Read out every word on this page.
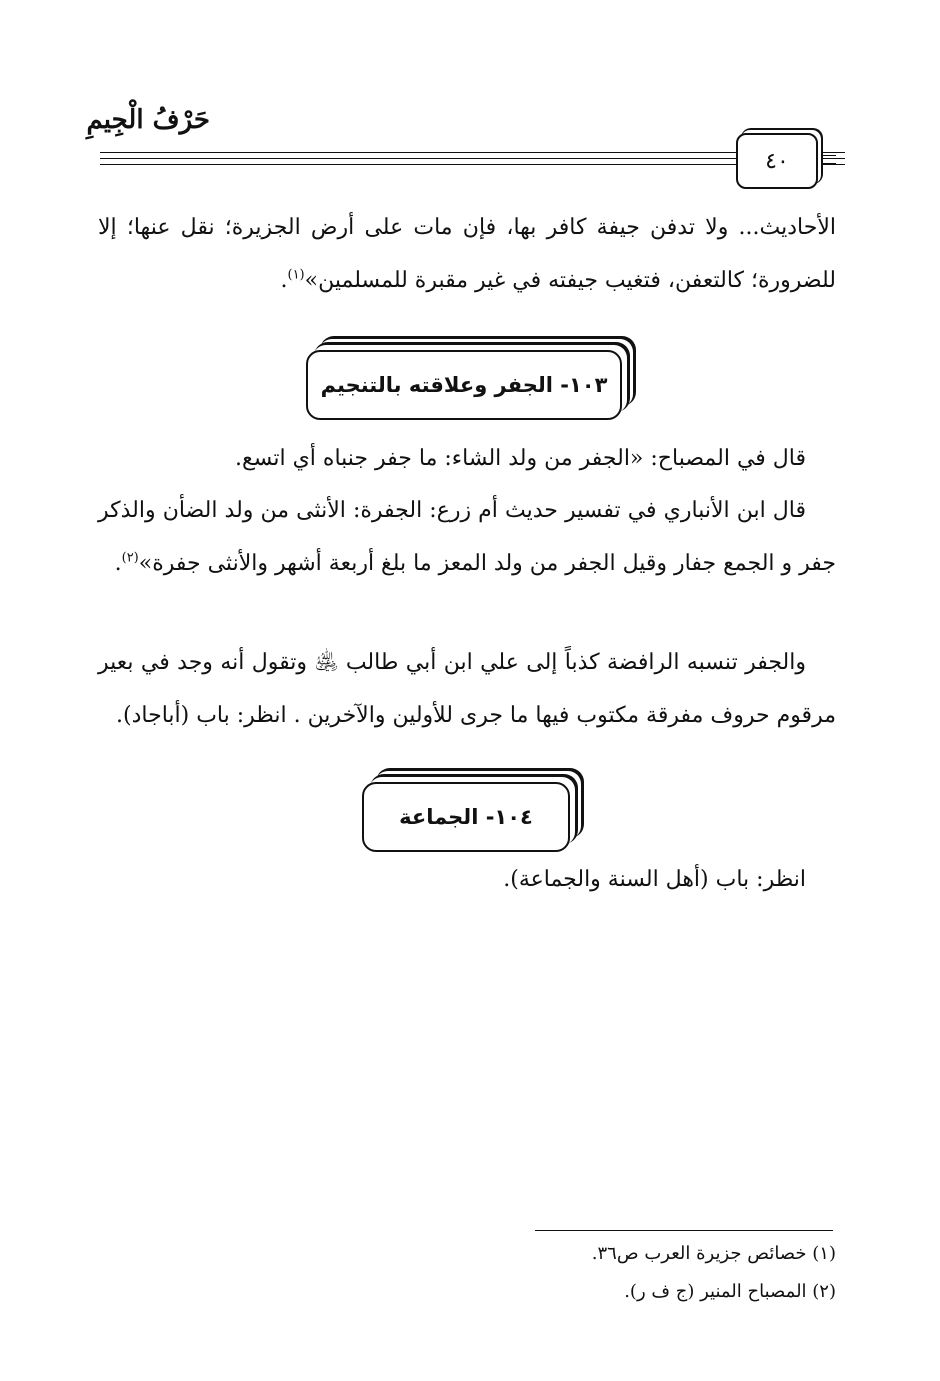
حَرْفُ الْجِيمِ
٤٠

الأحاديث... ولا تدفن جيفة كافر بها، فإن مات على أرض الجزيرة؛ نقل عنها؛ إلا للضرورة؛ كالتعفن، فتغيب جيفته في غير مقبرة للمسلمين»$^{(١)}$.

١٠٣- الجفر وعلاقته بالتنجيم

قال في المصباح: «الجفر من ولد الشاء: ما جفر جنباه أي اتسع.

قال ابن الأنباري في تفسير حديث أم زرع: الجفرة: الأنثى من ولد الضأن والذكر جفر و الجمع جفار وقيل الجفر من ولد المعز ما بلغ أربعة أشهر والأنثى جفرة»$^{(٢)}$.

والجفر تنسبه الرافضة كذباً إلى علي ابن أبي طالب ﵁ وتقول أنه وجد في بعير مرقوم حروف مفرقة مكتوب فيها ما جرى للأولين والآخرين . انظر: باب (أباجاد).

١٠٤- الجماعة

انظر: باب (أهل السنة والجماعة).

(١) خصائص جزيرة العرب ص٣٦.

(٢) المصباح المنير (ج ف ر).
